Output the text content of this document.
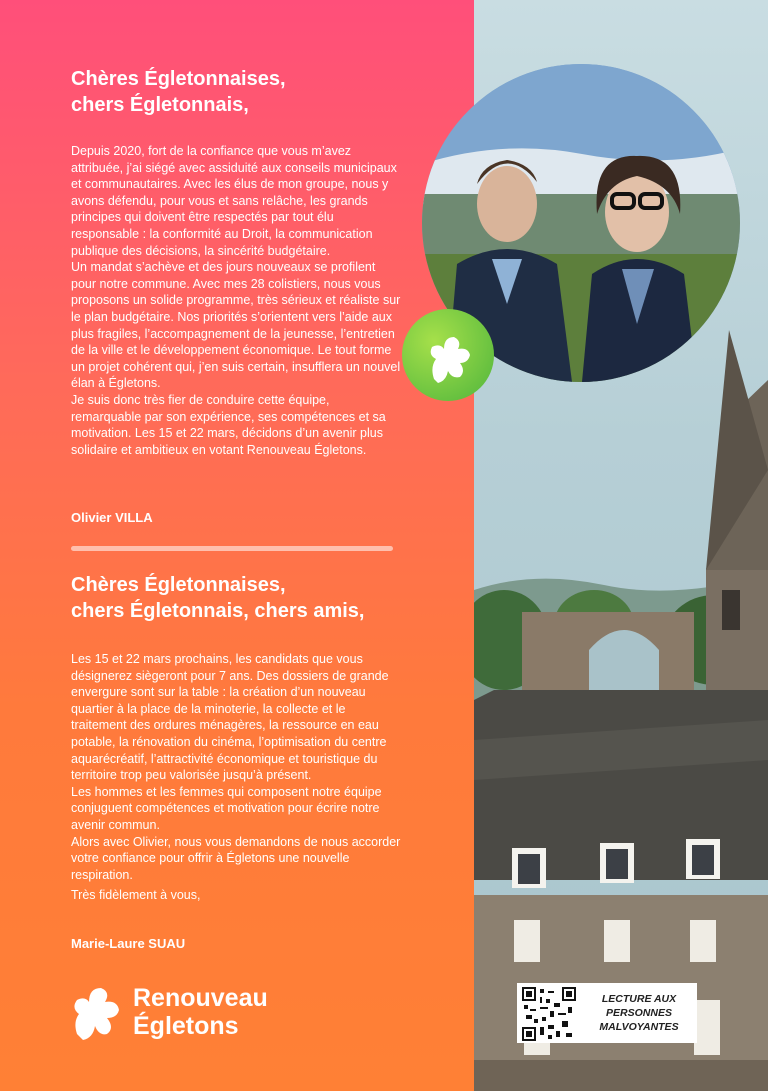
Chères Égletonnaises,
chers Égletonnais,

Depuis 2020, fort de la confiance que vous m’avez attribuée, j’ai siégé avec assiduité aux conseils municipaux et communautaires. Avec les élus de mon groupe, nous y avons défendu, pour vous et sans relâche, les grands principes qui doivent être respectés par tout élu responsable : la conformité au Droit, la communication publique des décisions, la sincérité budgétaire.

Un mandat s’achève et des jours nouveaux se profilent pour notre commune. Avec mes 28 colistiers, nous vous proposons un solide programme, très sérieux et réaliste sur le plan budgétaire. Nos priorités s’orientent vers l’aide aux plus fragiles, l’accompagnement de la jeunesse, l’entretien de la ville et le développement économique. Le tout forme un projet cohérent qui, j’en suis certain, insufflera un nouvel élan à Égletons.

Je suis donc très fier de conduire cette équipe, remarquable par son expérience, ses compétences et sa motivation. Les 15 et 22 mars, décidons d’un avenir plus solidaire et ambitieux en votant Renouveau Égletons.

Olivier VILLA
Chères Égletonnaises,
chers Égletonnais, chers amis,

Les 15 et 22 mars prochains, les candidats que vous désignerez siègeront pour 7 ans. Des dossiers de grande envergure sont sur la table : la création d’un nouveau quartier à la place de la minoterie, la collecte et le traitement des ordures ménagères, la ressource en eau potable, la rénovation du cinéma, l’optimisation du centre aquarécréatif, l’attractivité économique et touristique du territoire trop peu valorisée jusqu’à présent.

Les hommes et les femmes qui composent notre équipe conjuguent compétences et motivation pour écrire notre avenir commun.

Alors avec Olivier, nous vous demandons de nous accorder votre confiance pour offrir à Égletons une nouvelle respiration.

Très fidèlement à vous,

Marie-Laure SUAU
Renouveau
Égletons
LECTURE AUX PERSONNES MALVOYANTES
